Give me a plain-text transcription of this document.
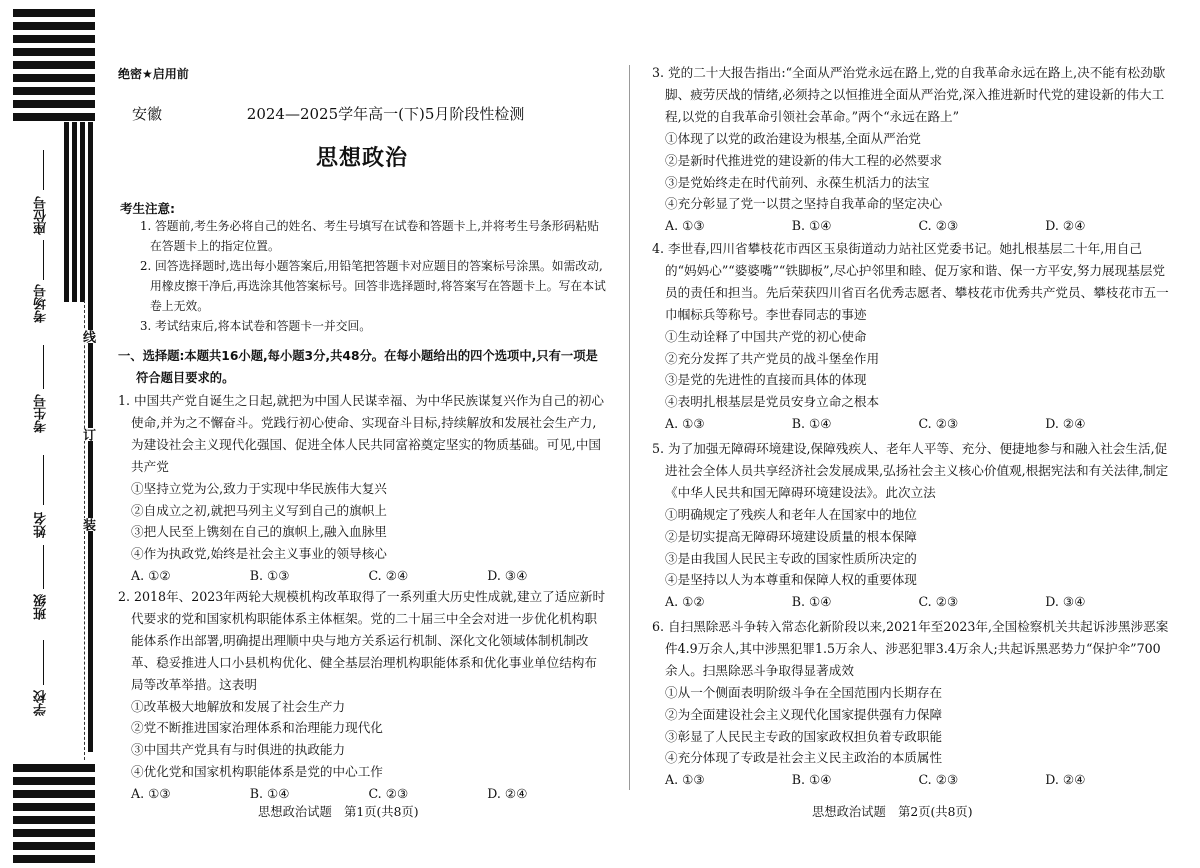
座位号
考场号
考生号
姓名
班级
学校
线
订
装
绝密★启用前
安徽	2024—2025学年高一(下)5月阶段性检测
思想政治
考生注意:

1. 答题前,考生务必将自己的姓名、考生号填写在试卷和答题卡上,并将考生号条形码粘贴在答题卡上的指定位置。

2. 回答选择题时,选出每小题答案后,用铅笔把答题卡对应题目的答案标号涂黑。如需改动,用橡皮擦干净后,再选涂其他答案标号。回答非选择题时,将答案写在答题卡上。写在本试卷上无效。

3. 考试结束后,将本试卷和答题卡一并交回。

一、选择题:本题共16小题,每小题3分,共48分。在每小题给出的四个选项中,只有一项是
符合题目要求的。

1. 中国共产党自诞生之日起,就把为中国人民谋幸福、为中华民族谋复兴作为自己的初心使命,并为之不懈奋斗。党践行初心使命、实现奋斗目标,持续解放和发展社会生产力,为建设社会主义现代化强国、促进全体人民共同富裕奠定坚实的物质基础。可见,中国共产党

①坚持立党为公,致力于实现中华民族伟大复兴

②自成立之初,就把马列主义写到自己的旗帜上

③把人民至上镌刻在自己的旗帜上,融入血脉里

④作为执政党,始终是社会主义事业的领导核心

A. ①②	B. ①③	C. ②④	D. ③④

2. 2018年、2023年两轮大规模机构改革取得了一系列重大历史性成就,建立了适应新时代要求的党和国家机构职能体系主体框架。党的二十届三中全会对进一步优化机构职能体系作出部署,明确提出理顺中央与地方关系运行机制、深化文化领域体制机制改革、稳妥推进人口小县机构优化、健全基层治理机构职能体系和优化事业单位结构布局等改革举措。这表明

①改革极大地解放和发展了社会生产力

②党不断推进国家治理体系和治理能力现代化

③中国共产党具有与时俱进的执政能力

④优化党和国家机构职能体系是党的中心工作

A. ①③	B. ①④	C. ②③	D. ②④
思想政治试题　第1页(共8页)

3. 党的二十大报告指出:“全面从严治党永远在路上,党的自我革命永远在路上,决不能有松劲歇脚、疲劳厌战的情绪,必须持之以恒推进全面从严治党,深入推进新时代党的建设新的伟大工程,以党的自我革命引领社会革命。”两个“永远在路上”

①体现了以党的政治建设为根基,全面从严治党

②是新时代推进党的建设新的伟大工程的必然要求

③是党始终走在时代前列、永葆生机活力的法宝

④充分彰显了党一以贯之坚持自我革命的坚定决心

A. ①③	B. ①④	C. ②③	D. ②④

4. 李世春,四川省攀枝花市西区玉泉街道动力站社区党委书记。她扎根基层二十年,用自己的“妈妈心”“婆婆嘴”“铁脚板”,尽心护邻里和睦、促万家和谐、保一方平安,努力展现基层党员的责任和担当。先后荣获四川省百名优秀志愿者、攀枝花市优秀共产党员、攀枝花市五一巾帼标兵等称号。李世春同志的事迹

①生动诠释了中国共产党的初心使命

②充分发挥了共产党员的战斗堡垒作用

③是党的先进性的直接而具体的体现

④表明扎根基层是党员安身立命之根本

A. ①③	B. ①④	C. ②③	D. ②④

5. 为了加强无障碍环境建设,保障残疾人、老年人平等、充分、便捷地参与和融入社会生活,促进社会全体人员共享经济社会发展成果,弘扬社会主义核心价值观,根据宪法和有关法律,制定《中华人民共和国无障碍环境建设法》。此次立法

①明确规定了残疾人和老年人在国家中的地位

②是切实提高无障碍环境建设质量的根本保障

③是由我国人民民主专政的国家性质所决定的

④是坚持以人为本尊重和保障人权的重要体现

A. ①②	B. ①④	C. ②③	D. ③④

6. 自扫黑除恶斗争转入常态化新阶段以来,2021年至2023年,全国检察机关共起诉涉黑涉恶案件4.9万余人,其中涉黑犯罪1.5万余人、涉恶犯罪3.4万余人;共起诉黑恶势力“保护伞”700余人。扫黑除恶斗争取得显著成效

①从一个侧面表明阶级斗争在全国范围内长期存在

②为全面建设社会主义现代化国家提供强有力保障

③彰显了人民民主专政的国家政权担负着专政职能

④充分体现了专政是社会主义民主政治的本质属性

A. ①③	B. ①④	C. ②③	D. ②④
思想政治试题　第2页(共8页)
